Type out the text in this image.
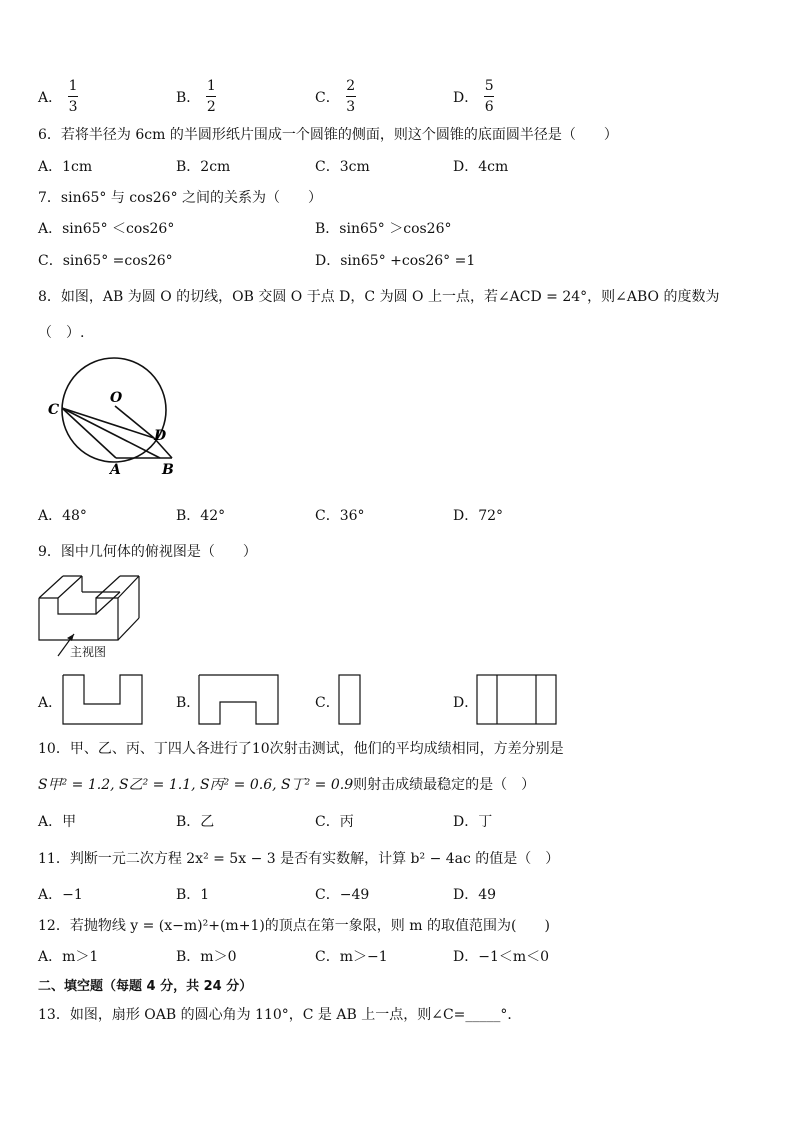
A． $\frac{1}{3}$	B． $\frac{1}{2}$	C． $\frac{2}{3}$	D． $\frac{5}{6}$
6．若将半径为 6cm 的半圆形纸片围成一个圆锥的侧面，则这个圆锥的底面圆半径是（　　）
A．1cm	B．2cm	C．3cm	D．4cm
7．sin65° 与 cos26° 之间的关系为（　　）
A．sin65° ＜cos26°	B．sin65° ＞cos26°
C．sin65° =cos26°	D．sin65° +cos26° =1
8．如图，AB 为圆 O 的切线，OB 交圆 O 于点 D，C 为圆 O 上一点，若∠ACD = 24°，则∠ABO 的度数为
（　）.
O
C
D
A	B
A．48°	B．42°	C．36°	D．72°
9．图中几何体的俯视图是（　　）
主视图
A．	B．	C．	D．
10．甲、乙、丙、丁四人各进行了10次射击测试，他们的平均成绩相同，方差分别是
S甲² = 1.2, S乙² = 1.1, S丙² = 0.6, S丁² = 0.9则射击成绩最稳定的是（　）
A．甲	B．乙	C．丙	D．丁
11．判断一元二次方程 2x² = 5x − 3 是否有实数解，计算 b² − 4ac 的值是（　）
A．−1	B．1	C．−49	D．49
12．若抛物线 y = (x−m)²+(m+1)的顶点在第一象限，则 m 的取值范围为(　　)
A．m＞1	B．m＞0	C．m＞−1	D．−1＜m＜0
二、填空题（每题 4 分，共 24 分）
13．如图，扇形 OAB 的圆心角为 110°，C 是 AB 上一点，则∠C=_____°．
